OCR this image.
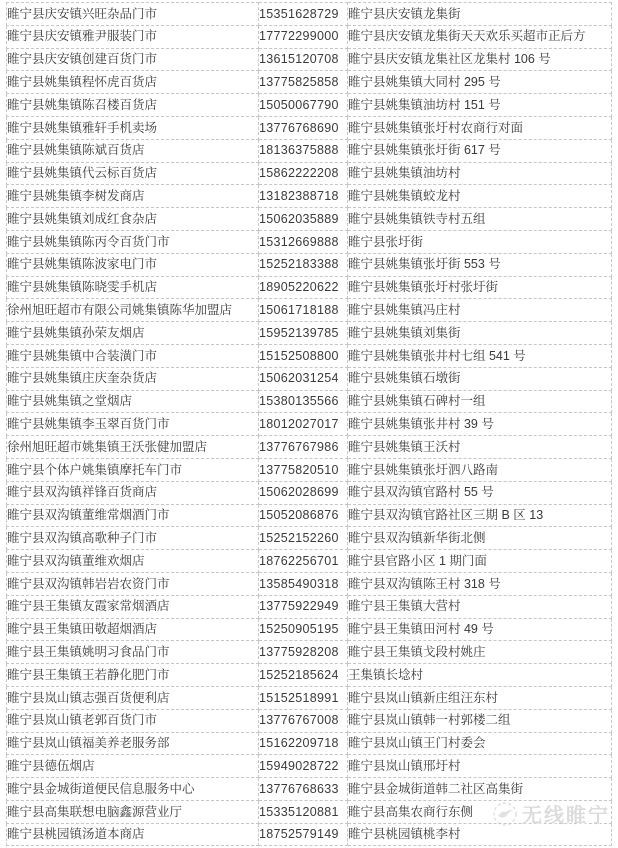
睢宁县庆安镇兴旺杂品门市	15351628729	睢宁县庆安镇龙集街
睢宁县庆安镇雅尹服装门市	17772299000	睢宁县庆安镇龙集街天天欢乐买超市正后方
睢宁县庆安镇创建百货门市	13615120708	睢宁县庆安镇龙集社区龙集村 106 号
睢宁县姚集镇程怀虎百货店	13775825858	睢宁县姚集镇大同村 295 号
睢宁县姚集镇陈召楼百货店	15050067790	睢宁县姚集镇油坊村 151 号
睢宁县姚集镇雅轩手机卖场	13776768690	睢宁县姚集镇张圩村农商行对面
睢宁县姚集镇陈斌百货店	18136375888	睢宁县姚集镇张圩街 617 号
睢宁县姚集镇代云标百货店	15862222208	睢宁县姚集镇油坊村
睢宁县姚集镇李树发商店	13182388718	睢宁县姚集镇蛟龙村
睢宁县姚集镇刘成红食杂店	15062035889	睢宁县姚集镇铁寺村五组
睢宁县姚集镇陈丙令百货门市	15312669888	睢宁县张圩街
睢宁县姚集镇陈波家电门市	15252183388	睢宁县姚集镇张圩街 553 号
睢宁县姚集镇陈晓雯手机店	18905220622	睢宁县姚集镇张圩村张圩街
徐州旭旺超市有限公司姚集镇陈华加盟店	15061718188	睢宁县姚集镇冯庄村
睢宁县姚集镇孙荣友烟店	15952139785	睢宁县姚集镇刘集街
睢宁县姚集镇中合装潢门市	15152508800	睢宁县姚集镇张井村七组 541 号
睢宁县姚集镇庄庆奎杂货店	15062031254	睢宁县姚集镇石墩街
睢宁县姚集镇之堂烟店	15380135566	睢宁县姚集镇石碑村一组
睢宁县姚集镇李玉翠百货门市	18012027017	睢宁县姚集镇张井村 39 号
徐州旭旺超市姚集镇王沃张健加盟店	13776767986	睢宁县姚集镇王沃村
睢宁县个体户姚集镇摩托车门市	13775820510	睢宁县姚集镇张圩泗八路南
睢宁县双沟镇祥锋百货商店	15062028699	睢宁县双沟镇官路村 55 号
睢宁县双沟镇董维常烟酒门市	15052086876	睢宁县双沟镇官路社区三期 B 区 13
睢宁县双沟镇高歌种子门市	15252152260	睢宁县双沟镇新华街北侧
睢宁县双沟镇董维欢烟店	18762256701	睢宁县官路小区 1 期门面
睢宁县双沟镇韩岩岩农资门市	13585490318	睢宁县双沟镇陈王村 318 号
睢宁县王集镇友霞家常烟酒店	13775922949	睢宁县王集镇大营村
睢宁县王集镇田敬超烟酒店	15250905195	睢宁县王集镇田河村 49 号
睢宁县王集镇姚明习食品门市	13775928208	睢宁县王集镇戈段村姚庄
睢宁县王集镇王若静化肥门市	15252185624	王集镇长埝村
睢宁县岚山镇志强百货便利店	15152518991	睢宁县岚山镇新庄组汪东村
睢宁县岚山镇老郭百货门市	13776767008	睢宁县岚山镇韩一村郭楼二组
睢宁县岚山镇福美养老服务部	15162209718	睢宁县岚山镇王门村委会
睢宁县德伍烟店	15949028722	睢宁县岚山镇邢圩村
睢宁县金城街道便民信息服务中心	13776768633	睢宁县金城街道韩二社区高集街
睢宁县高集联想电脑鑫源营业厅	15335120881	睢宁县高集农商行东侧
睢宁县桃园镇汤道本商店	18752579149	睢宁县桃园镇桃李村
无线睢宁
